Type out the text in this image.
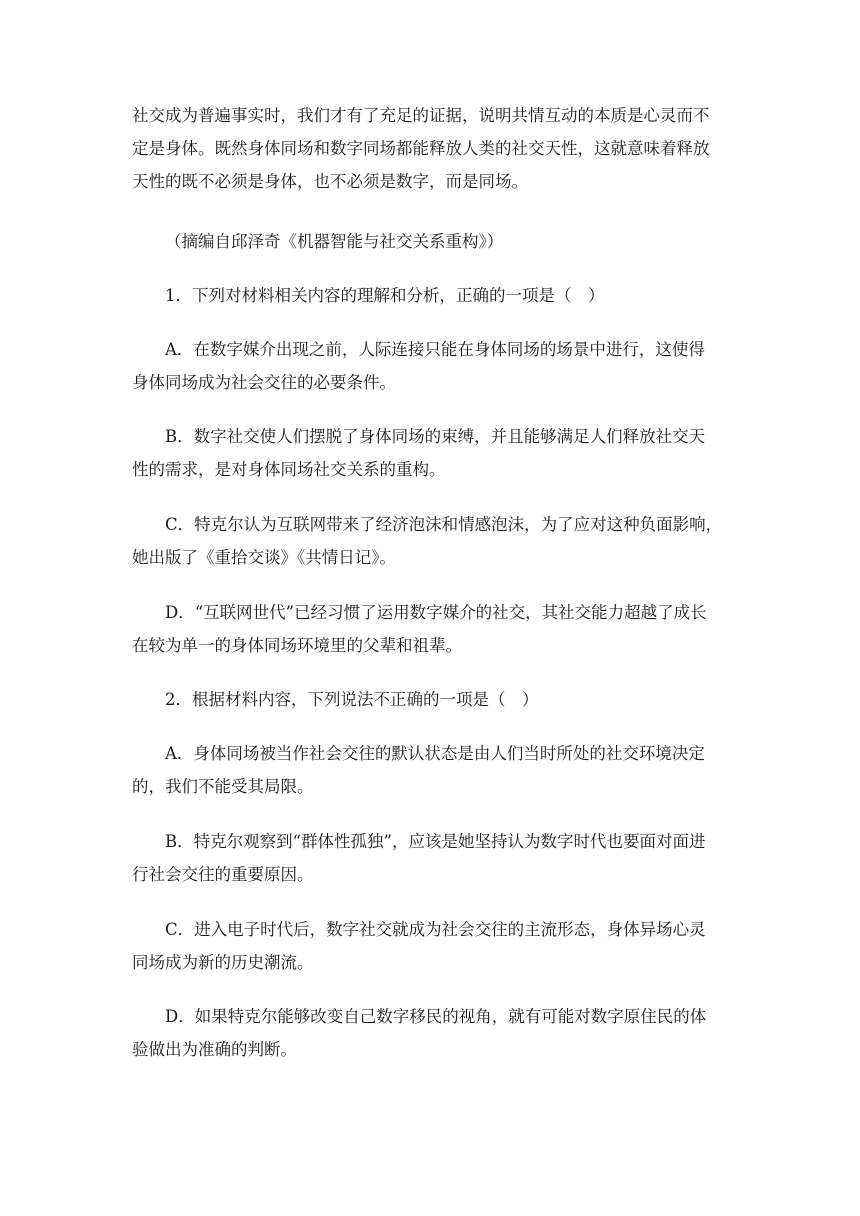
社交成为普遍事实时，我们才有了充足的证据，说明共情互动的本质是心灵而不
定是身体。既然身体同场和数字同场都能释放人类的社交天性，这就意味着释放
天性的既不必须是身体，也不必须是数字，而是同场。
（摘编自邱泽奇《机器智能与社交关系重构》）
1．下列对材料相关内容的理解和分析，正确的一项是（　）
A．在数字媒介出现之前，人际连接只能在身体同场的场景中进行，这使得
身体同场成为社会交往的必要条件。
B．数字社交使人们摆脱了身体同场的束缚，并且能够满足人们释放社交天
性的需求，是对身体同场社交关系的重构。
C．特克尔认为互联网带来了经济泡沫和情感泡沫，为了应对这种负面影响，
她出版了《重拾交谈》《共情日记》。
D．“互联网世代”已经习惯了运用数字媒介的社交，其社交能力超越了成长
在较为单一的身体同场环境里的父辈和祖辈。
2．根据材料内容，下列说法不正确的一项是（　）
A．身体同场被当作社会交往的默认状态是由人们当时所处的社交环境决定
的，我们不能受其局限。
B．特克尔观察到“群体性孤独”，应该是她坚持认为数字时代也要面对面进
行社会交往的重要原因。
C．进入电子时代后，数字社交就成为社会交往的主流形态，身体异场心灵
同场成为新的历史潮流。
D．如果特克尔能够改变自己数字移民的视角，就有可能对数字原住民的体
验做出为准确的判断。
